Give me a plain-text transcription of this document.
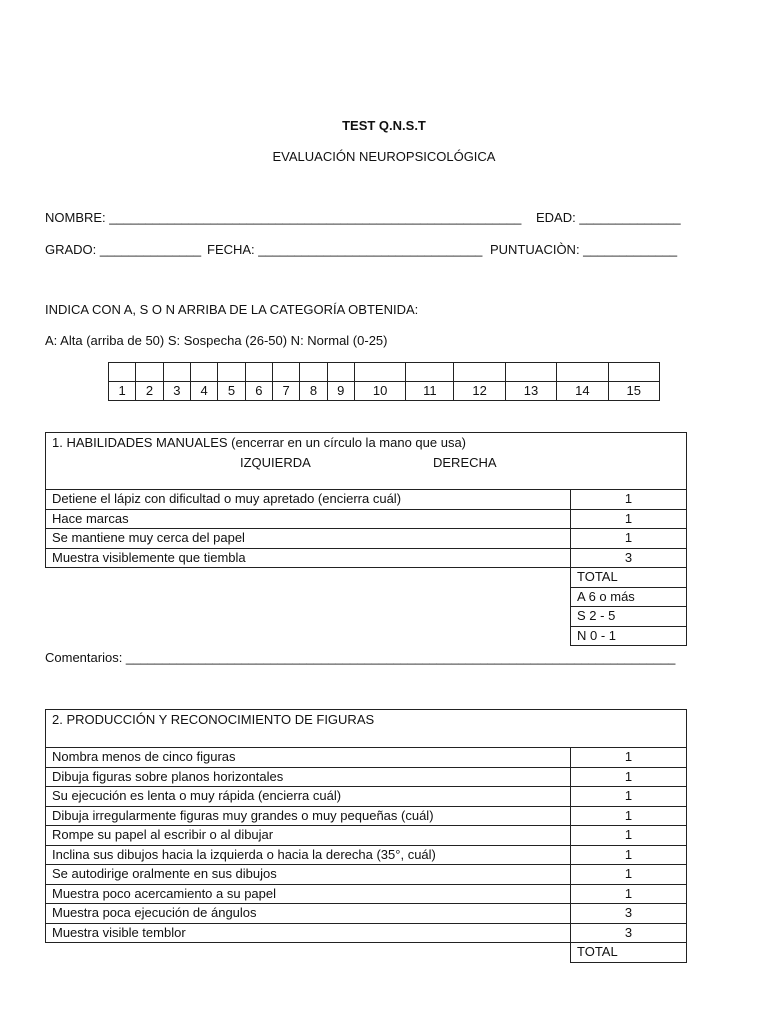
TEST Q.N.S.T
EVALUACIÓN NEUROPSICOLÓGICA
NOMBRE: _________________________________________________________ EDAD: ______________
GRADO: ______________ FECHA: _______________________________ PUNTUACIÒN: _____________
INDICA CON A, S O N ARRIBA DE LA CATEGORÍA OBTENIDA:
A: Alta (arriba de 50) S: Sospecha (26-50) N: Normal (0-25)

1	2	3	4	5	6	7	8	9	10	11	12	13	14	15
1. HABILIDADES MANUALES (encerrar en un círculo la mano que usa)
IZQUIERDA	DERECHA
Detiene el lápiz con dificultad o muy apretado (encierra cuál)	1
Hace marcas	1
Se mantiene muy cerca del papel	1
Muestra visiblemente que tiembla	3
	TOTAL
	A 6 o más
	S 2 - 5
	N 0 - 1
Comentarios: ____________________________________________________________________________
2. PRODUCCIÓN Y RECONOCIMIENTO DE FIGURAS
Nombra menos de cinco figuras	1
Dibuja figuras sobre planos horizontales	1
Su ejecución es lenta o muy rápida (encierra cuál)	1
Dibuja irregularmente figuras muy grandes o muy pequeñas (cuál)	1
Rompe su papel al escribir o al dibujar	1
Inclina sus dibujos hacia la izquierda o hacia la derecha (35°, cuál)	1
Se autodirige oralmente en sus dibujos	1
Muestra poco acercamiento a su papel	1
Muestra poca ejecución de ángulos	3
Muestra visible temblor	3
	TOTAL
